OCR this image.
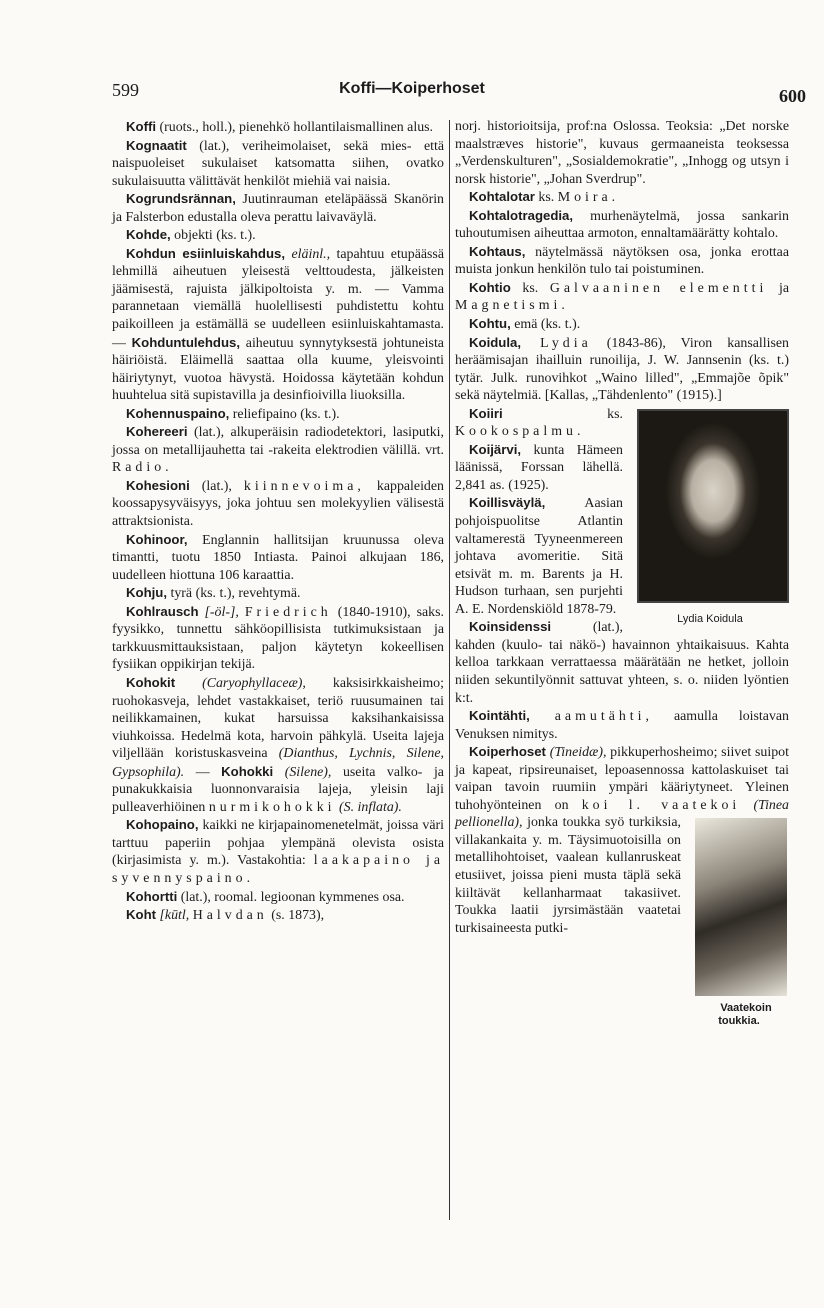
599	Koffi—Koiperhoset	600

Koffi (ruots., holl.), pienehkö hollantilaismallinen alus.

Kognaatit (lat.), veriheimolaiset, sekä mies- että naispuoleiset sukulaiset katsomatta siihen, ovatko sukulaisuutta välittävät henkilöt miehiä vai naisia.

Kogrundsrännan, Juutinrauman eteläpäässä Skanörin ja Falsterbon edustalla oleva perattu laivaväylä.

Kohde, objekti (ks. t.).

Kohdun esiinluiskahdus, eläinl., tapahtuu etupäässä lehmillä aiheutuen yleisestä velttoudesta, jälkeisten jäämisestä, rajuista jälkipoltoista y. m. — Vamma parannetaan viemällä huolellisesti puhdistettu kohtu paikoilleen ja estämällä se uudelleen esiinluiskahtamasta. — Kohduntulehdus, aiheutuu synnytyksestä johtuneista häiriöistä. Eläimellä saattaa olla kuume, yleisvointi häiriytynyt, vuotoa hävystä. Hoidossa käytetään kohdun huuhtelua sitä supistavilla ja desinfioivilla liuoksilla.

Kohennuspaino, reliefipaino (ks. t.).

Kohereeri (lat.), alkuperäisin radiodetektori, lasiputki, jossa on metallijauhetta tai -rakeita elektrodien välillä. vrt. Radio.

Kohesioni (lat.), kiinnevoima, kappaleiden koossapysyväisyys, joka johtuu sen molekyylien välisestä attraktsionista.

Kohinoor, Englannin hallitsijan kruunussa oleva timantti, tuotu 1850 Intiasta. Painoi alkujaan 186, uudelleen hiottuna 106 karaattia.

Kohju, tyrä (ks. t.), revehtymä.

Kohlrausch [-öl-], Friedrich (1840-1910), saks. fyysikko, tunnettu sähköopillisista tutkimuksistaan ja tarkkuusmittauksistaan, paljon käytetyn kokeellisen fysiikan oppikirjan tekijä.

Kohokit (Caryophyllaceæ), kaksisirkkaisheimo; ruohokasveja, lehdet vastakkaiset, teriö ruusumainen tai neilikkamainen, kukat harsuissa kaksihankaisissa viuhkoissa. Hedelmä kota, harvoin pähkylä. Useita lajeja viljellään koristuskasveina (Dianthus, Lychnis, Silene, Gypsophila). — Kohokki (Silene), useita valko- ja punakukkaisia luonnonvaraisia lajeja, yleisin laji pulleaverhiöinen nurmikohokki (S. inflata).

Kohopaino, kaikki ne kirjapainomenetelmät, joissa väri tarttuu paperiin pohjaa ylempänä olevista osista (kirjasimista y. m.). Vastakohtia: laakapaino ja syvennyspaino.

Kohortti (lat.), roomal. legioonan kymmenes osa.

Koht [kūtl, Halvdan (s. 1873),

norj. historioitsija, prof:na Oslossa. Teoksia: „Det norske maalstræves historie", kuvaus germaaneista teoksessa „Verdenskulturen", „Sosialdemokratie", „Inhogg og utsyn i norsk historie", „Johan Sverdrup".

Kohtalotar ks. Moira.

Kohtalotragedia, murhenäytelmä, jossa sankarin tuhoutumisen aiheuttaa armoton, ennaltamäärätty kohtalo.

Kohtaus, näytelmässä näytöksen osa, jonka erottaa muista jonkun henkilön tulo tai poistuminen.

Kohtio ks. Galvaaninen elementti ja Magnetismi.

Kohtu, emä (ks. t.).

Koidula, Lydia (1843-86), Viron kansallisen heräämisajan ihailluin runoilija, J. W. Jannsenin (ks. t.) tytär. Julk. runovihkot „Waino lilled", „Emmajõe õpik" sekä näytelmiä. [Kallas, „Tähdenlento" (1915).]

Lydia Koidula

Koiiri ks. Kookospalmu.

Koijärvi, kunta Hämeen läänissä, Forssan lähellä. 2,841 as. (1925).

Koillisväylä, Aasian pohjoispuolitse Atlantin valtamerestä Tyyneenmereen johtava avomeritie. Sitä etsivät m. m. Barents ja H. Hudson turhaan, sen purjehti A. E. Nordenskiöld 1878-79.

Koinsidenssi (lat.), kahden (kuulo- tai näkö-) havainnon yhtaikaisuus. Kahta kelloa tarkkaan verrattaessa määrätään ne hetket, jolloin niiden sekuntilyönnit sattuvat yhteen, s. o. niiden lyöntien k:t.

Kointähti, aamutähti, aamulla loistavan Venuksen nimitys.

Koiperhoset (Tineidæ), pikkuperhosheimo; siivet suipot ja kapeat, ripsireunaiset, lepoasennossa kattolaskuiset tai vaipan tavoin ruumiin ympäri kääriytyneet. Yleinen tuhohyönteinen on koi l. vaatekoi (Tinea pellionella),
Vaatekoin toukkia.
jonka toukka syö turkiksia, villakankaita y. m. Täysimuotoisilla on metallihohtoiset, vaalean kullanruskeat etusiivet, joissa pieni musta täplä sekä kiiltävät kellanharmaat takasiivet. Toukka laatii jyrsimästään vaatetai turkisaineesta putki-
